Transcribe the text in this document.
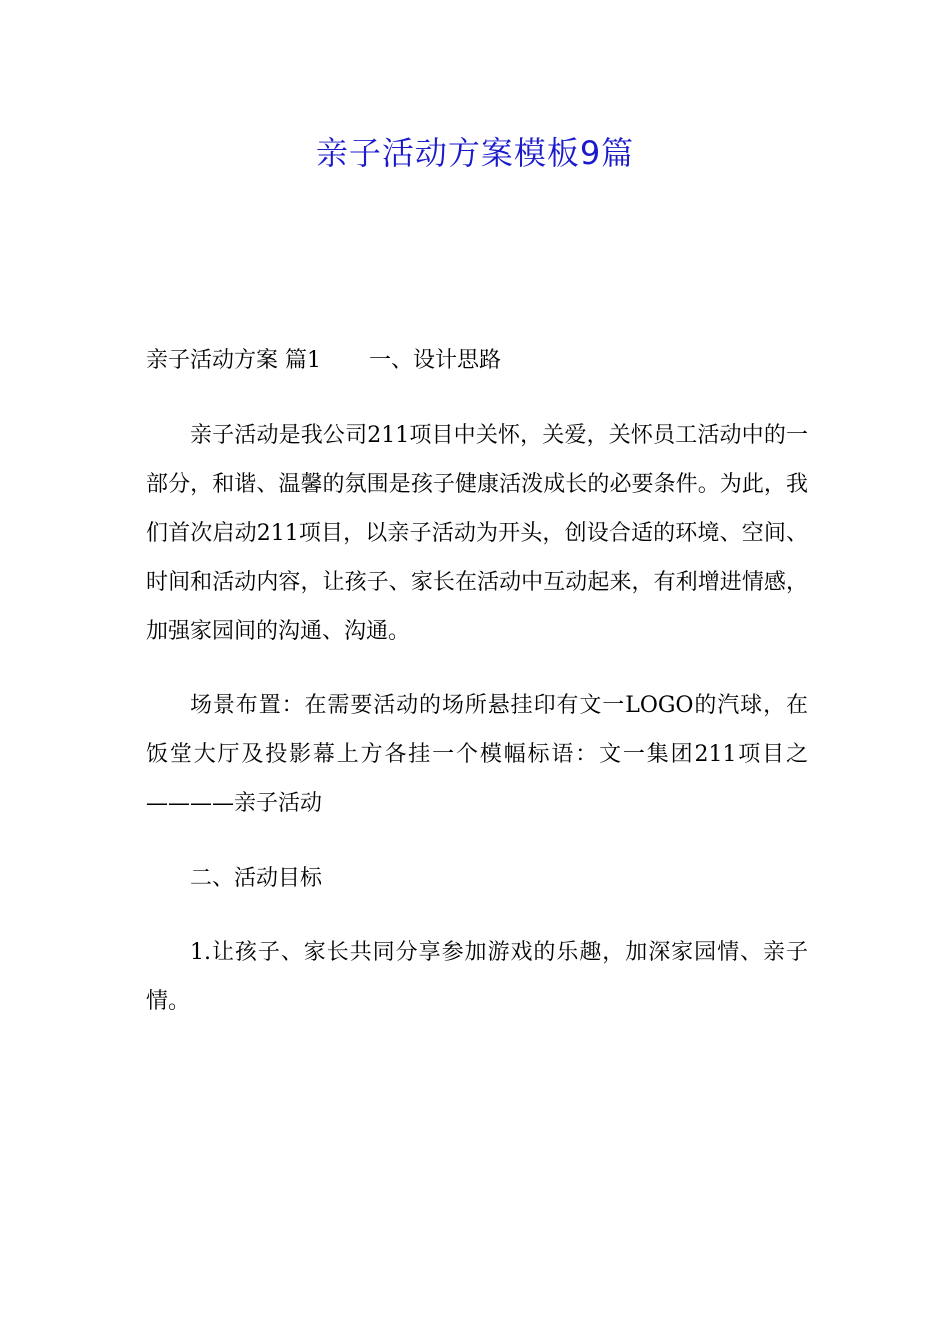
亲子活动方案模板9篇

亲子活动方案 篇1 一、设计思路

亲子活动是我公司211项目中关怀，关爱，关怀员工活动中的一部分，和谐、温馨的氛围是孩子健康活泼成长的必要条件。为此，我们首次启动211项目，以亲子活动为开头，创设合适的环境、空间、时间和活动内容，让孩子、家长在活动中互动起来，有利增进情感，加强家园间的沟通、沟通。

场景布置：在需要活动的场所悬挂印有文一LOGO的汽球，在饭堂大厅及投影幕上方各挂一个模幅标语：文一集团211项目之————亲子活动

二、活动目标

1.让孩子、家长共同分享参加游戏的乐趣，加深家园情、亲子情。
